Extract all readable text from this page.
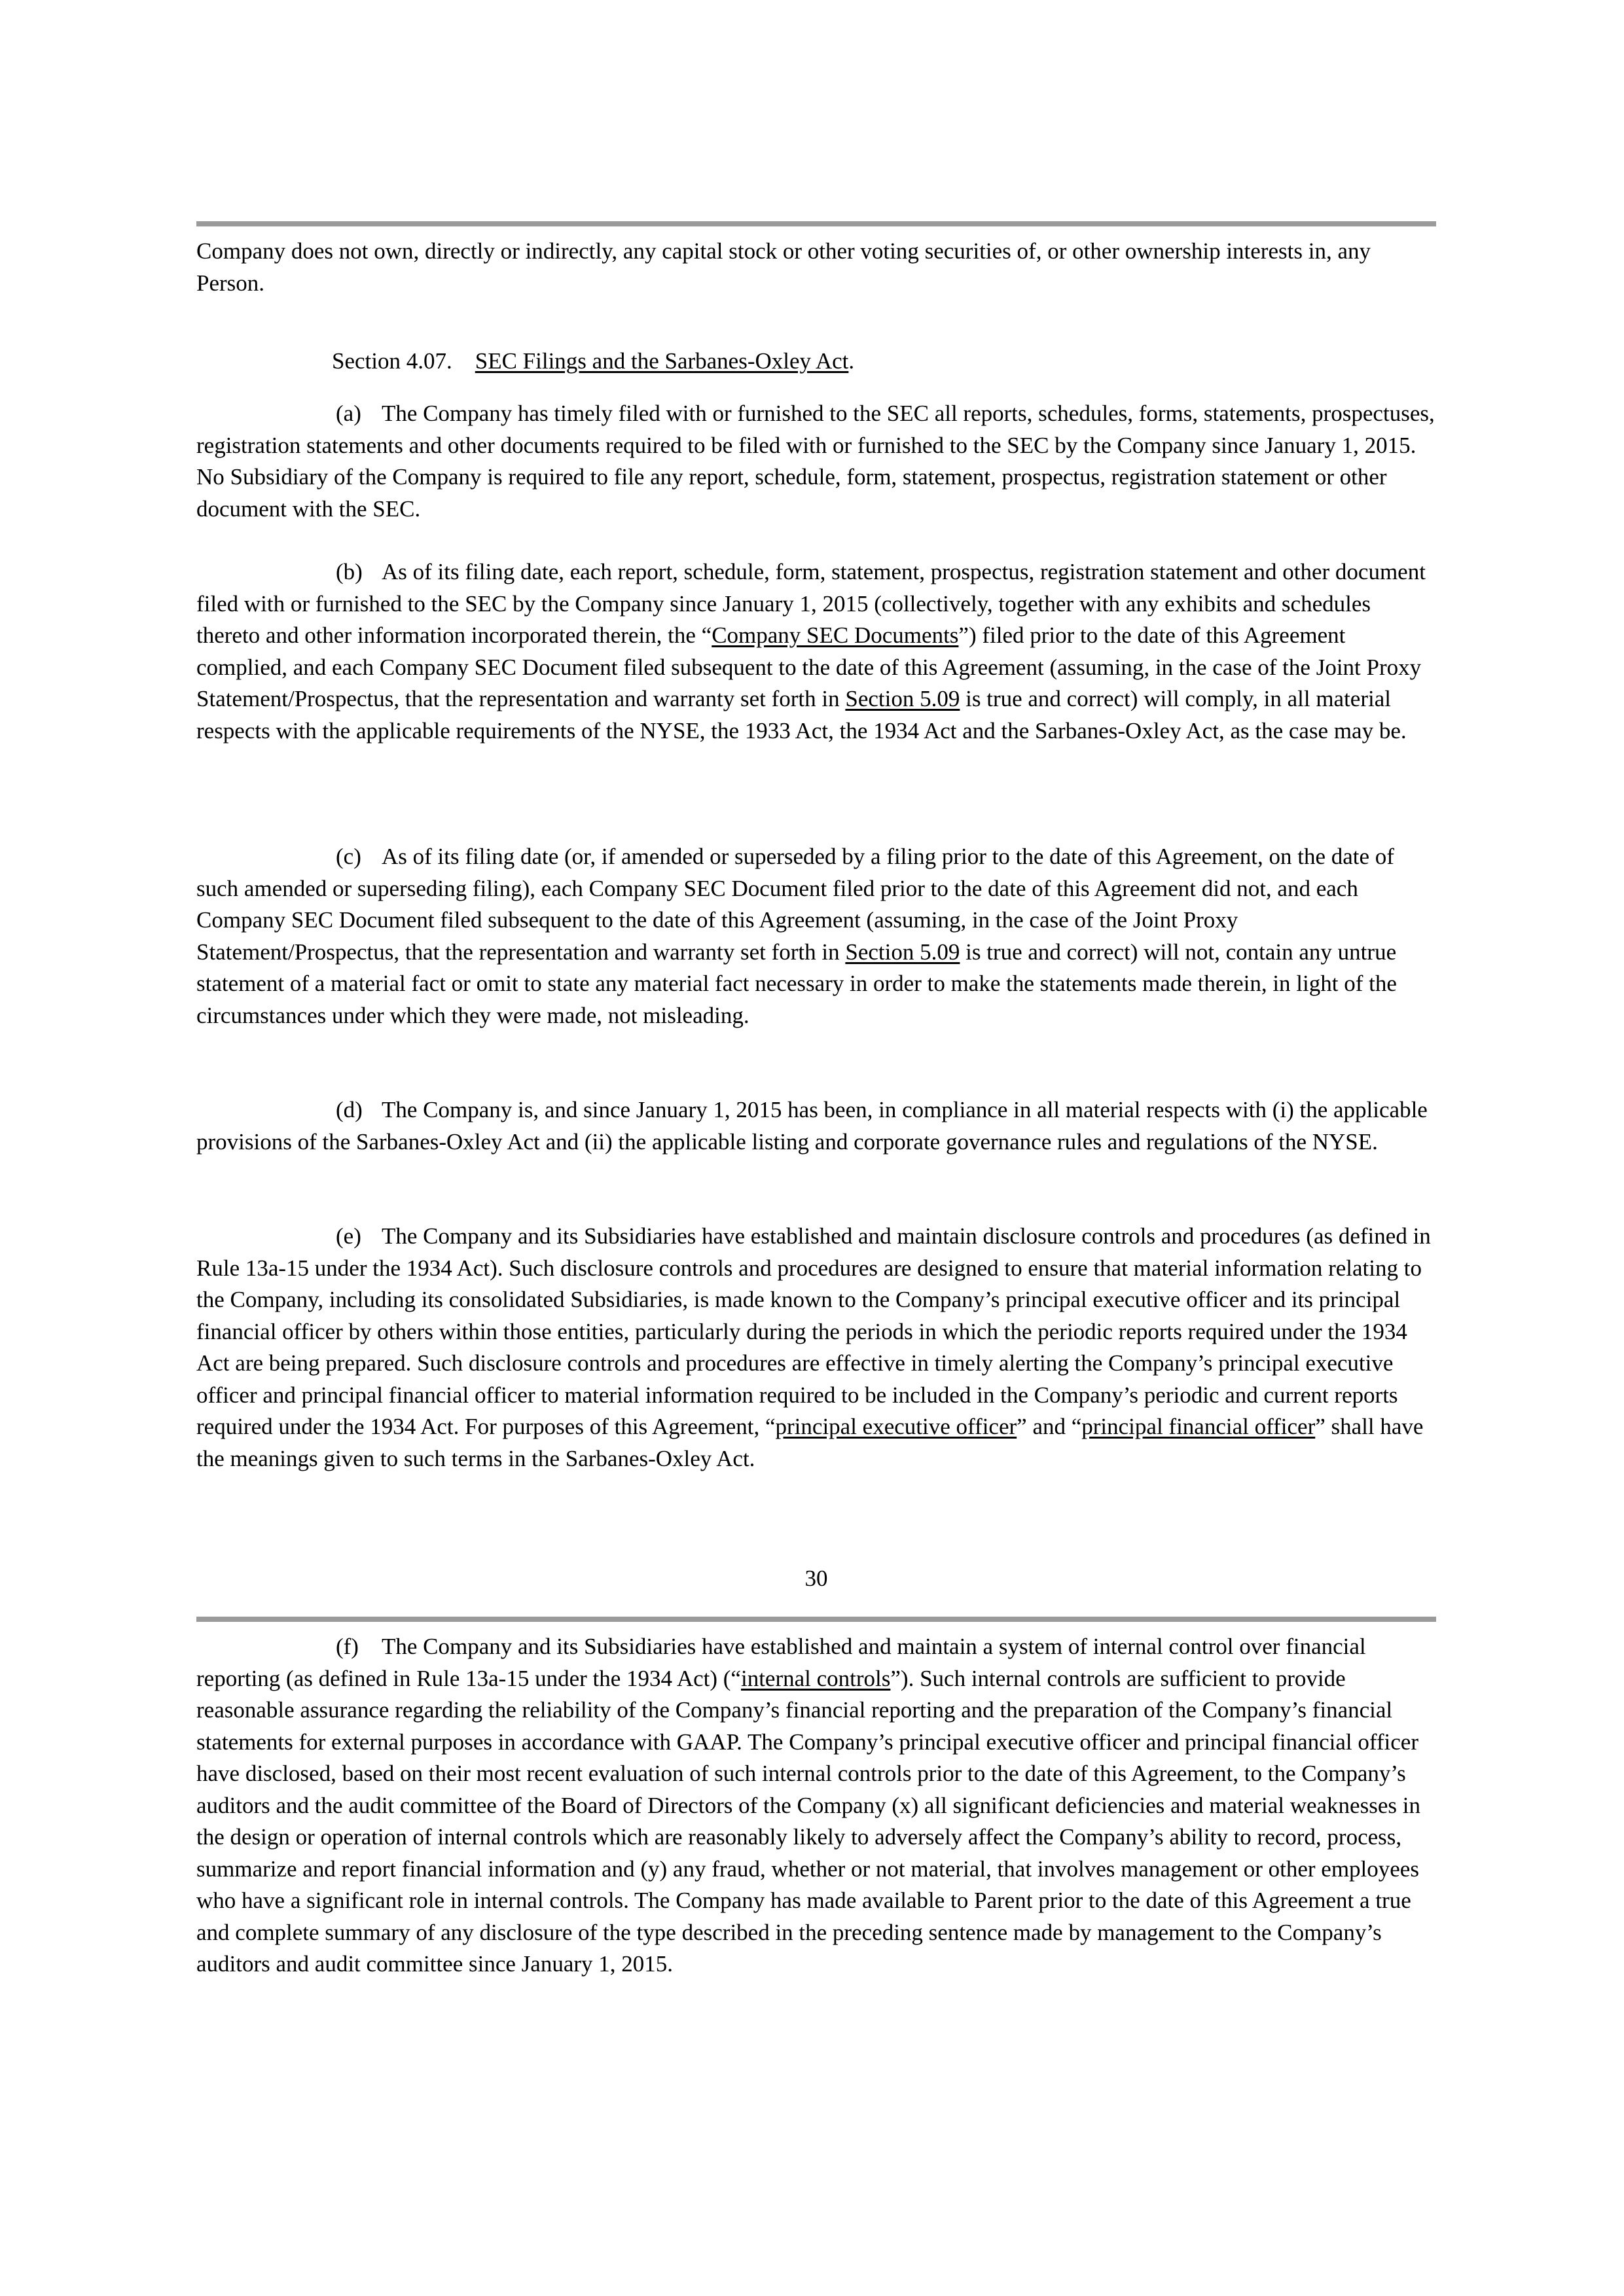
Company does not own, directly or indirectly, any capital stock or other voting securities of, or other ownership interests in, any Person.

Section 4.07. SEC Filings and the Sarbanes-Oxley Act.

(a) The Company has timely filed with or furnished to the SEC all reports, schedules, forms, statements, prospectuses, registration statements and other documents required to be filed with or furnished to the SEC by the Company since January 1, 2015. No Subsidiary of the Company is required to file any report, schedule, form, statement, prospectus, registration statement or other document with the SEC.

(b) As of its filing date, each report, schedule, form, statement, prospectus, registration statement and other document filed with or furnished to the SEC by the Company since January 1, 2015 (collectively, together with any exhibits and schedules thereto and other information incorporated therein, the “Company SEC Documents”) filed prior to the date of this Agreement complied, and each Company SEC Document filed subsequent to the date of this Agreement (assuming, in the case of the Joint Proxy Statement/Prospectus, that the representation and warranty set forth in Section 5.09 is true and correct) will comply, in all material respects with the applicable requirements of the NYSE, the 1933 Act, the 1934 Act and the Sarbanes-Oxley Act, as the case may be.

(c) As of its filing date (or, if amended or superseded by a filing prior to the date of this Agreement, on the date of such amended or superseding filing), each Company SEC Document filed prior to the date of this Agreement did not, and each Company SEC Document filed subsequent to the date of this Agreement (assuming, in the case of the Joint Proxy Statement/Prospectus, that the representation and warranty set forth in Section 5.09 is true and correct) will not, contain any untrue statement of a material fact or omit to state any material fact necessary in order to make the statements made therein, in light of the circumstances under which they were made, not misleading.

(d) The Company is, and since January 1, 2015 has been, in compliance in all material respects with (i) the applicable provisions of the Sarbanes-Oxley Act and (ii) the applicable listing and corporate governance rules and regulations of the NYSE.

(e) The Company and its Subsidiaries have established and maintain disclosure controls and procedures (as defined in Rule 13a-15 under the 1934 Act). Such disclosure controls and procedures are designed to ensure that material information relating to the Company, including its consolidated Subsidiaries, is made known to the Company’s principal executive officer and its principal financial officer by others within those entities, particularly during the periods in which the periodic reports required under the 1934 Act are being prepared. Such disclosure controls and procedures are effective in timely alerting the Company’s principal executive officer and principal financial officer to material information required to be included in the Company’s periodic and current reports required under the 1934 Act. For purposes of this Agreement, “principal executive officer” and “principal financial officer” shall have the meanings given to such terms in the Sarbanes-Oxley Act.

30

(f) The Company and its Subsidiaries have established and maintain a system of internal control over financial reporting (as defined in Rule 13a-15 under the 1934 Act) (“internal controls”). Such internal controls are sufficient to provide reasonable assurance regarding the reliability of the Company’s financial reporting and the preparation of the Company’s financial statements for external purposes in accordance with GAAP. The Company’s principal executive officer and principal financial officer have disclosed, based on their most recent evaluation of such internal controls prior to the date of this Agreement, to the Company’s auditors and the audit committee of the Board of Directors of the Company (x) all significant deficiencies and material weaknesses in the design or operation of internal controls which are reasonably likely to adversely affect the Company’s ability to record, process, summarize and report financial information and (y) any fraud, whether or not material, that involves management or other employees who have a significant role in internal controls. The Company has made available to Parent prior to the date of this Agreement a true and complete summary of any disclosure of the type described in the preceding sentence made by management to the Company’s auditors and audit committee since January 1, 2015.
